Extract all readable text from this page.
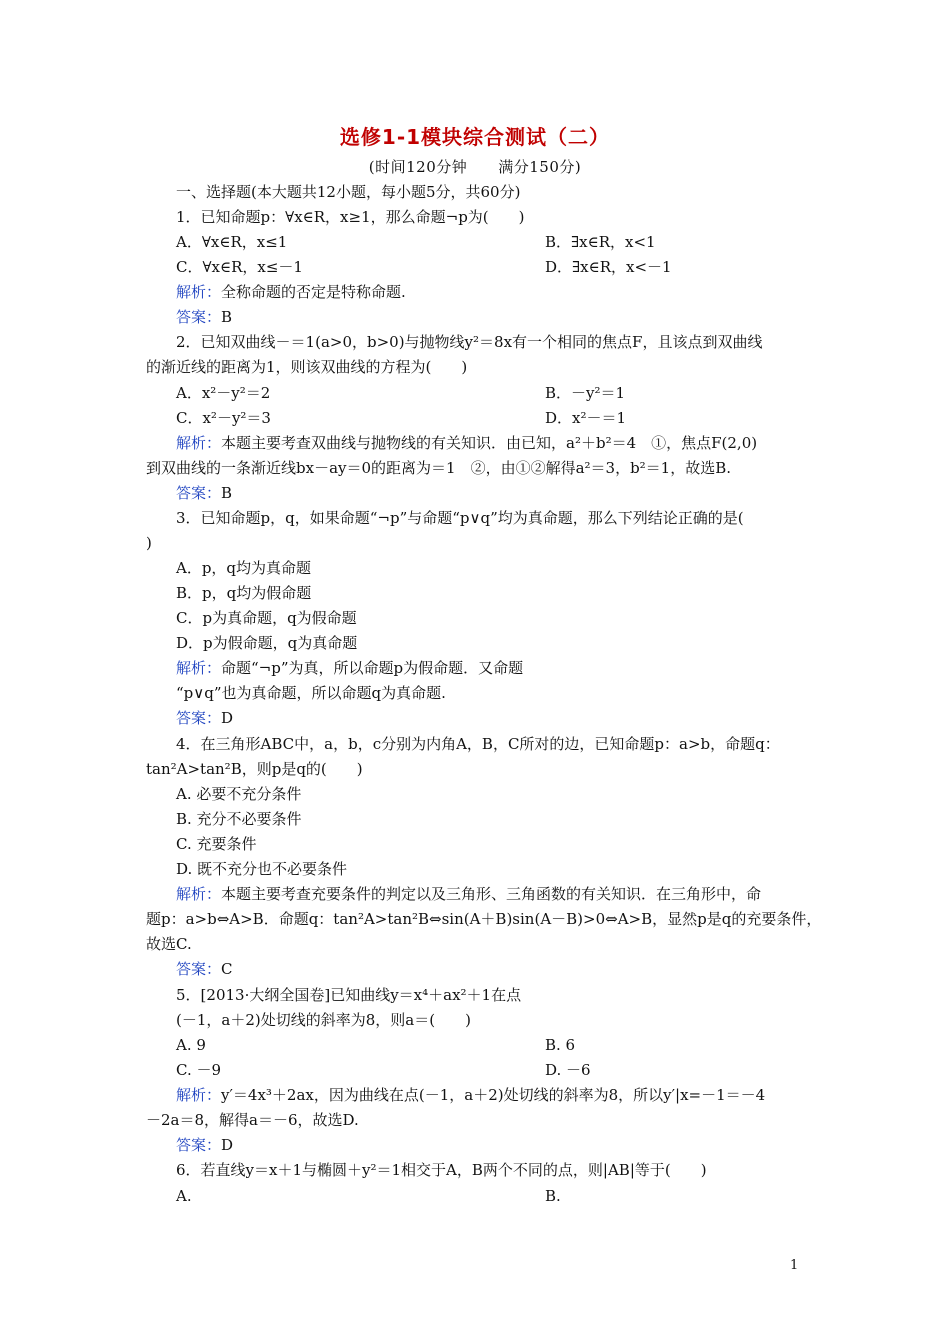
选修1-1模块综合测试（二）
(时间120分钟　　满分150分)
一、选择题(本大题共12小题，每小题5分，共60分)
1．已知命题p：∀x∈R，x≥1，那么命题¬p为(　　)
A．∀x∈R，x≤1	B．∃x∈R，x<1
C．∀x∈R，x≤－1	D．∃x∈R，x<－1
解析：全称命题的否定是特称命题.
答案：B
2．已知双曲线－＝1(a>0，b>0)与抛物线y²＝8x有一个相同的焦点F，且该点到双曲线
的渐近线的距离为1，则该双曲线的方程为(　　)
A．x²－y²＝2	B．－y²＝1
C．x²－y²＝3	D．x²－＝1
解析：本题主要考查双曲线与抛物线的有关知识．由已知，a²＋b²＝4　①，焦点F(2,0)
到双曲线的一条渐近线bx－ay＝0的距离为＝1　②，由①②解得a²＝3，b²＝1，故选B.
答案：B
3．已知命题p，q，如果命题“¬p”与命题“p∨q”均为真命题，那么下列结论正确的是(
)
A．p，q均为真命题
B．p，q均为假命题
C．p为真命题，q为假命题
D．p为假命题，q为真命题
解析：命题“¬p”为真，所以命题p为假命题．又命题
“p∨q”也为真命题，所以命题q为真命题.
答案：D
4．在三角形ABC中，a，b，c分别为内角A，B，C所对的边，已知命题p：a>b，命题q：
tan²A>tan²B，则p是q的(　　)
A. 必要不充分条件
B. 充分不必要条件
C. 充要条件
D. 既不充分也不必要条件
解析：本题主要考查充要条件的判定以及三角形、三角函数的有关知识．在三角形中，命
题p：a>b⇔A>B．命题q：tan²A>tan²B⇔sin(A＋B)sin(A－B)>0⇔A>B，显然p是q的充要条件，
故选C.
答案：C
5．[2013·大纲全国卷]已知曲线y＝x⁴＋ax²＋1在点
(－1，a＋2)处切线的斜率为8，则a＝(　　)
A. 9	B. 6
C. －9	D. －6
解析：y′＝4x³＋2ax，因为曲线在点(－1，a＋2)处切线的斜率为8，所以y′|x=－1＝－4
－2a＝8，解得a＝－6，故选D.
答案：D
6．若直线y＝x＋1与椭圆＋y²＝1相交于A，B两个不同的点，则|AB|等于(　　)
A.	B.
1
